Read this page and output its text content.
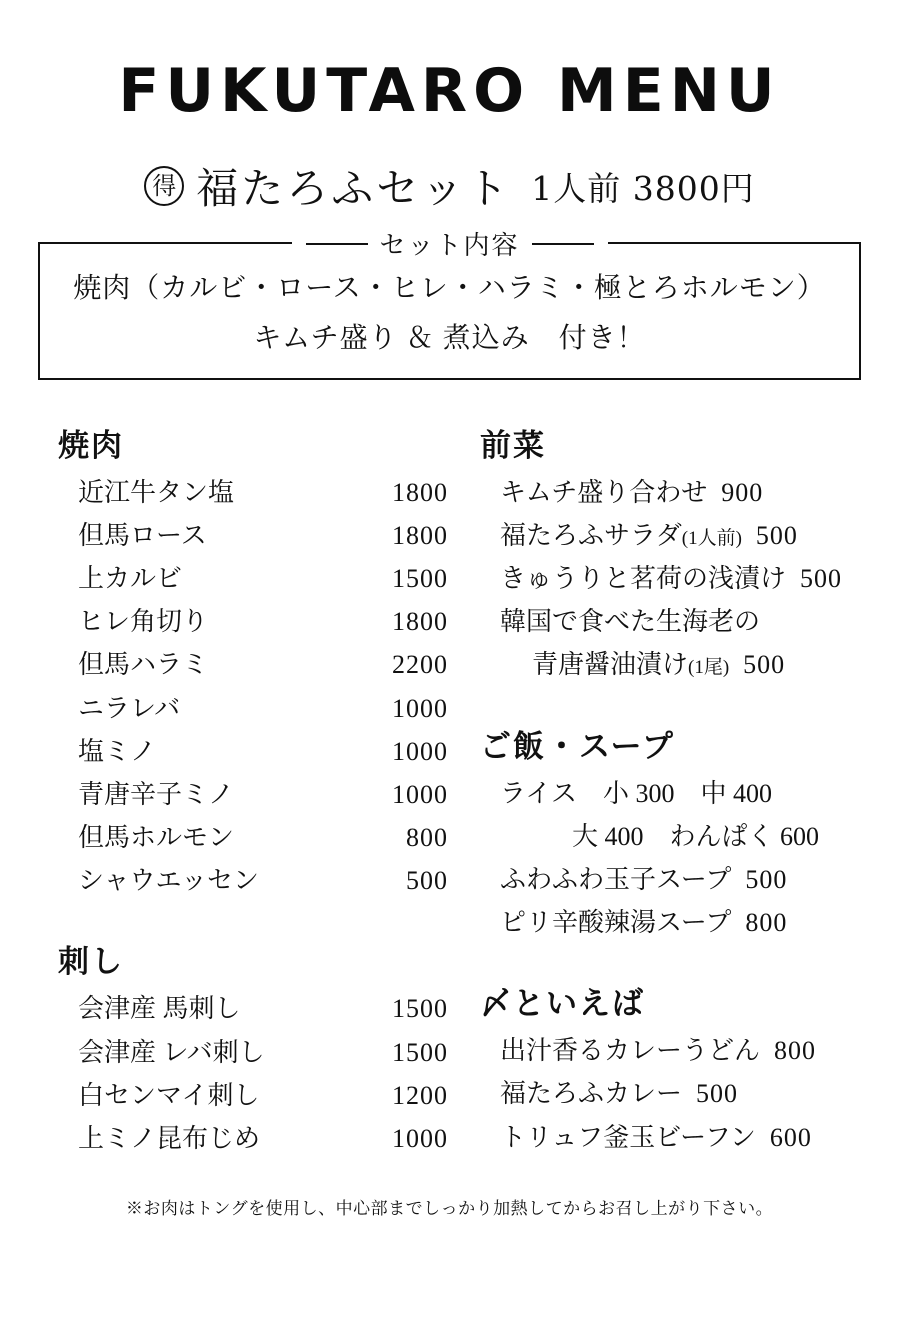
FUKUTARO MENU
得 福たろふセット 1人前 3800円
焼肉（カルビ・ロース・ヒレ・ハラミ・極とろホルモン）
キムチ盛り ＆ 煮込み　付き！
セット内容
焼肉
近江牛タン塩	1800
但馬ロース	1800
上カルビ	1500
ヒレ角切り	1800
但馬ハラミ	2200
ニラレバ	1000
塩ミノ	1000
青唐辛子ミノ	1000
但馬ホルモン	800
シャウエッセン	500
刺し
会津産 馬刺し	1500
会津産 レバ刺し	1500
白センマイ刺し	1200
上ミノ昆布じめ	1000
前菜
キムチ盛り合わせ 900
福たろふサラダ(1人前) 500
きゅうりと茗荷の浅漬け 500
韓国で食べた生海老の
青唐醤油漬け(1尾) 500
ご飯・スープ
ライス　小 300　中 400
大 400　わんぱく 600
ふわふわ玉子スープ 500
ピリ辛酸辣湯スープ 800
〆といえば
出汁香るカレーうどん 800
福たろふカレー 500
トリュフ釜玉ビーフン 600
※お肉はトングを使用し、中心部までしっかり加熱してからお召し上がり下さい。
